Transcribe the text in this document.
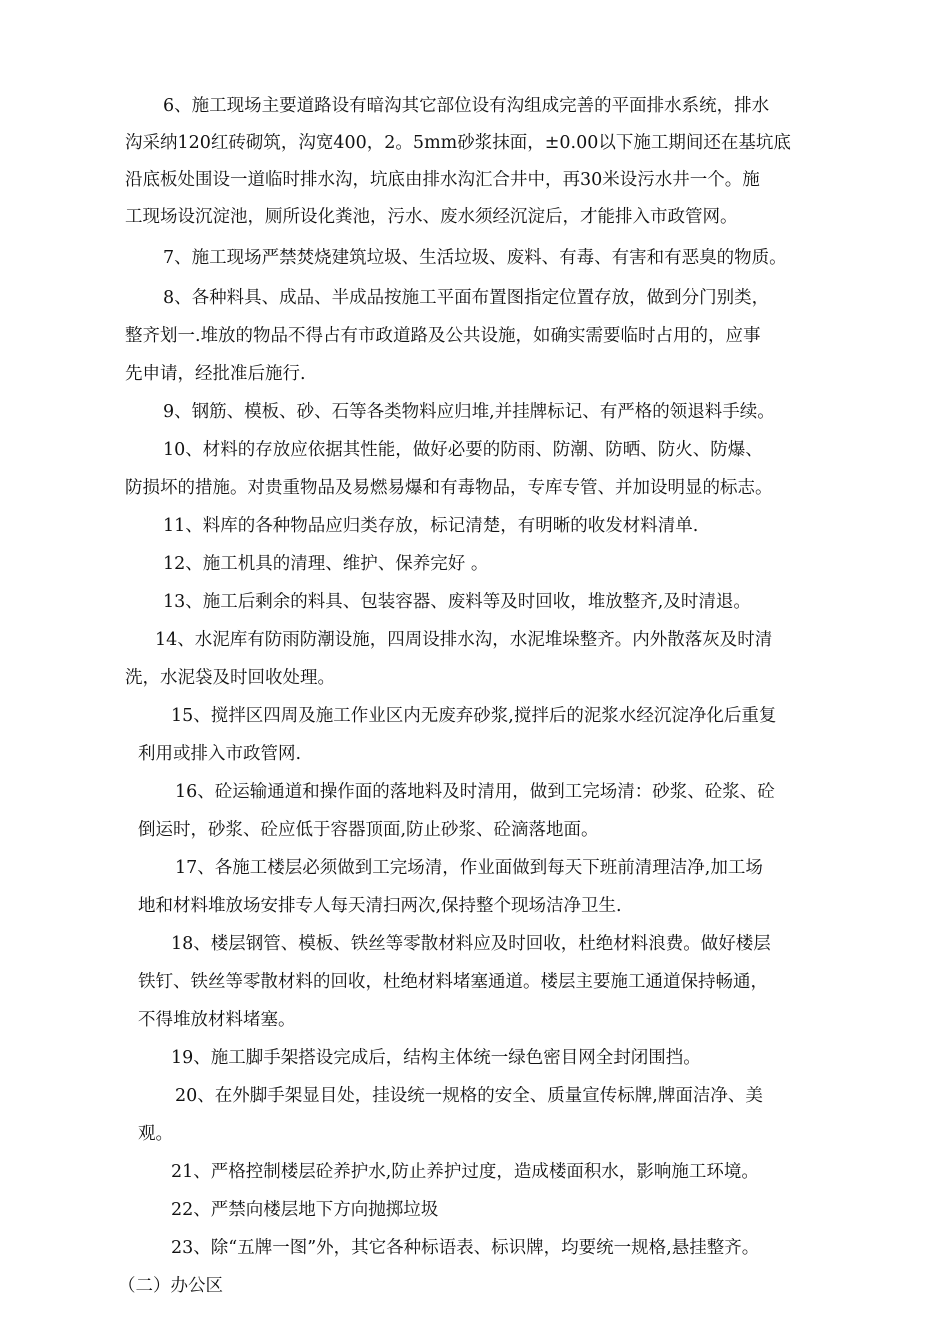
6、施工现场主要道路设有暗沟其它部位设有沟组成完善的平面排水系统，排水
沟采纳120红砖砌筑，沟宽400，2。5mm砂浆抹面，±0.00以下施工期间还在基坑底
沿底板处围设一道临时排水沟，坑底由排水沟汇合井中，再30米设污水井一个。施
工现场设沉淀池，厕所设化粪池，污水、废水须经沉淀后，才能排入市政管网。
7、施工现场严禁焚烧建筑垃圾、生活垃圾、废料、有毒、有害和有恶臭的物质。
8、各种料具、成品、半成品按施工平面布置图指定位置存放，做到分门别类，
整齐划一.堆放的物品不得占有市政道路及公共设施，如确实需要临时占用的，应事
先申请，经批准后施行.
9、钢筋、模板、砂、石等各类物料应归堆,并挂牌标记、有严格的领退料手续。
10、材料的存放应依据其性能，做好必要的防雨、防潮、防晒、防火、防爆、
防损坏的措施。对贵重物品及易燃易爆和有毒物品，专库专管、并加设明显的标志。
11、料库的各种物品应归类存放，标记清楚，有明晰的收发材料清单.
12、施工机具的清理、维护、保养完好 。
13、施工后剩余的料具、包装容器、废料等及时回收，堆放整齐,及时清退。
14、水泥库有防雨防潮设施，四周设排水沟，水泥堆垛整齐。内外散落灰及时清
洗，水泥袋及时回收处理。
15、搅拌区四周及施工作业区内无废弃砂浆,搅拌后的泥浆水经沉淀净化后重复
利用或排入市政管网.
16、砼运输通道和操作面的落地料及时清用，做到工完场清：砂浆、砼浆、砼
倒运时，砂浆、砼应低于容器顶面,防止砂浆、砼滴落地面。
17、各施工楼层必须做到工完场清，作业面做到每天下班前清理洁净,加工场
地和材料堆放场安排专人每天清扫两次,保持整个现场洁净卫生.
18、楼层钢管、模板、铁丝等零散材料应及时回收，杜绝材料浪费。做好楼层
铁钉、铁丝等零散材料的回收，杜绝材料堵塞通道。楼层主要施工通道保持畅通，
不得堆放材料堵塞。
19、施工脚手架搭设完成后，结构主体统一绿色密目网全封闭围挡。
20、在外脚手架显目处，挂设统一规格的安全、质量宣传标牌,牌面洁净、美
观。
21、严格控制楼层砼养护水,防止养护过度，造成楼面积水，影响施工环境。
22、严禁向楼层地下方向抛掷垃圾
23、除“五牌一图”外，其它各种标语表、标识牌，均要统一规格,悬挂整齐。
（二）办公区
